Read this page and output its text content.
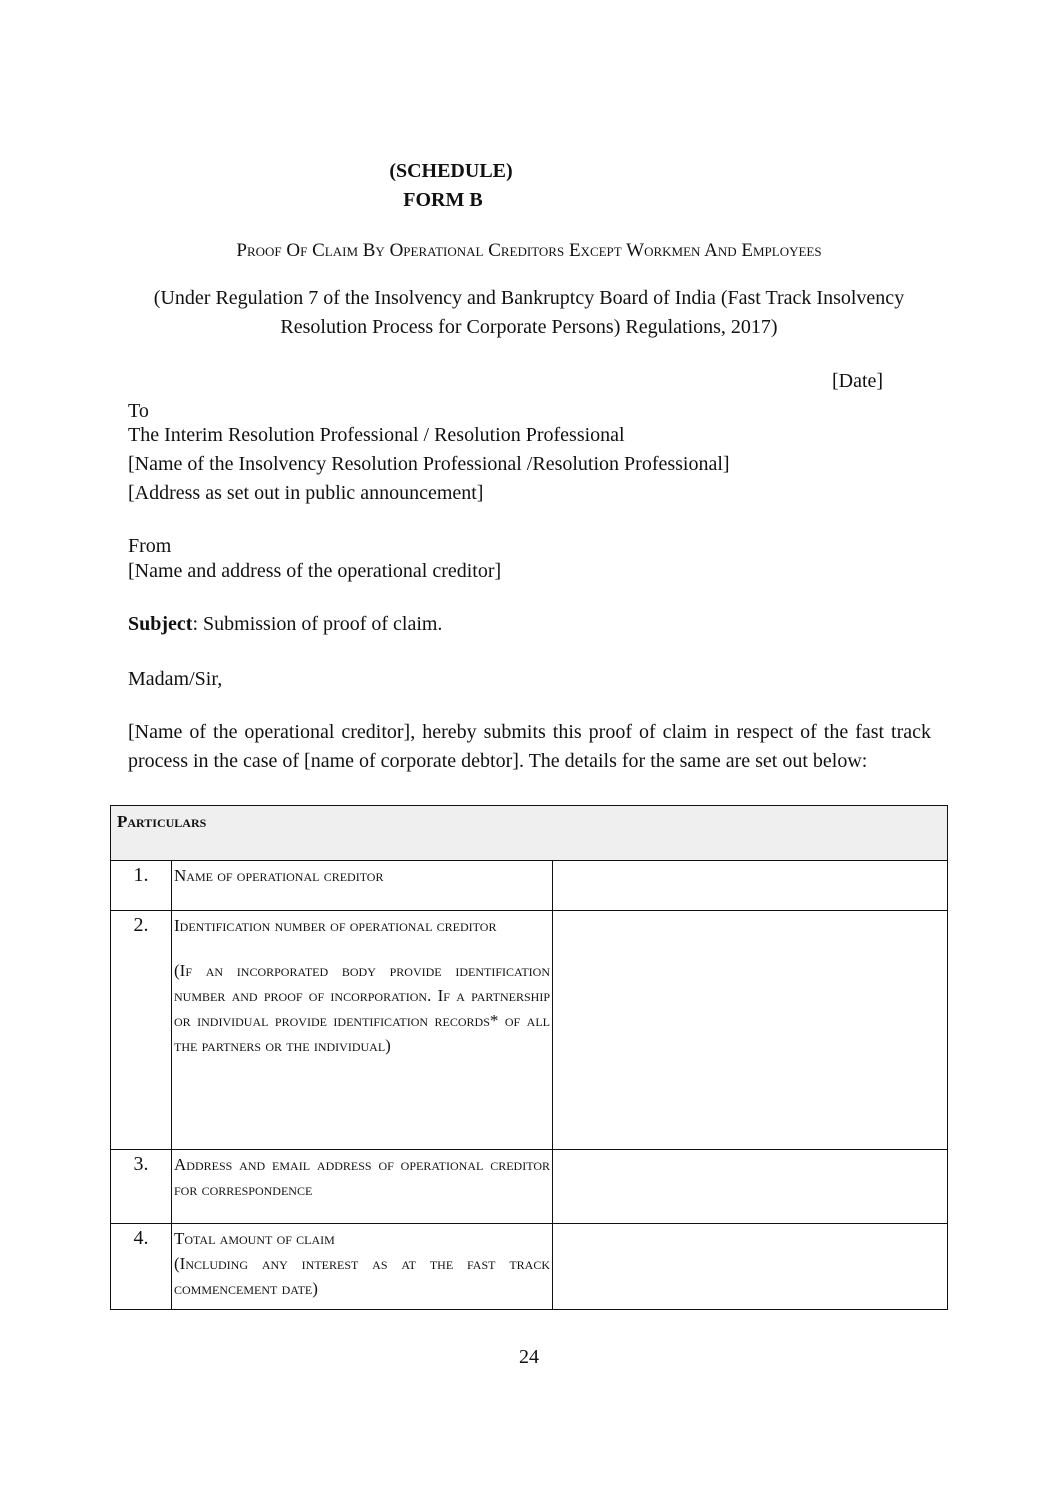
(SCHEDULE)
FORM B
Proof Of Claim By Operational Creditors Except Workmen And Employees
(Under Regulation 7 of the Insolvency and Bankruptcy Board of India (Fast Track Insolvency
Resolution Process for Corporate Persons) Regulations, 2017)
[Date]
To
The Interim Resolution Professional / Resolution Professional
[Name of the Insolvency Resolution Professional /Resolution Professional]
[Address as set out in public announcement]
From
[Name and address of the operational creditor]
Subject: Submission of proof of claim.
Madam/Sir,
[Name of the operational creditor], hereby submits this proof of claim in respect of the fast track process in the case of [name of corporate debtor]. The details for the same are set out below:
Particulars		
1.	Name of operational creditor	

2.	Identification number of operational creditor
(If an incorporated body provide identification number and proof of incorporation. If a partnership or individual provide identification records* of all the partners or the individual)	

3.	Address and email address of operational creditor for correspondence	

4.	Total amount of claim
(Including any interest as at the fast track commencement date)	

24
